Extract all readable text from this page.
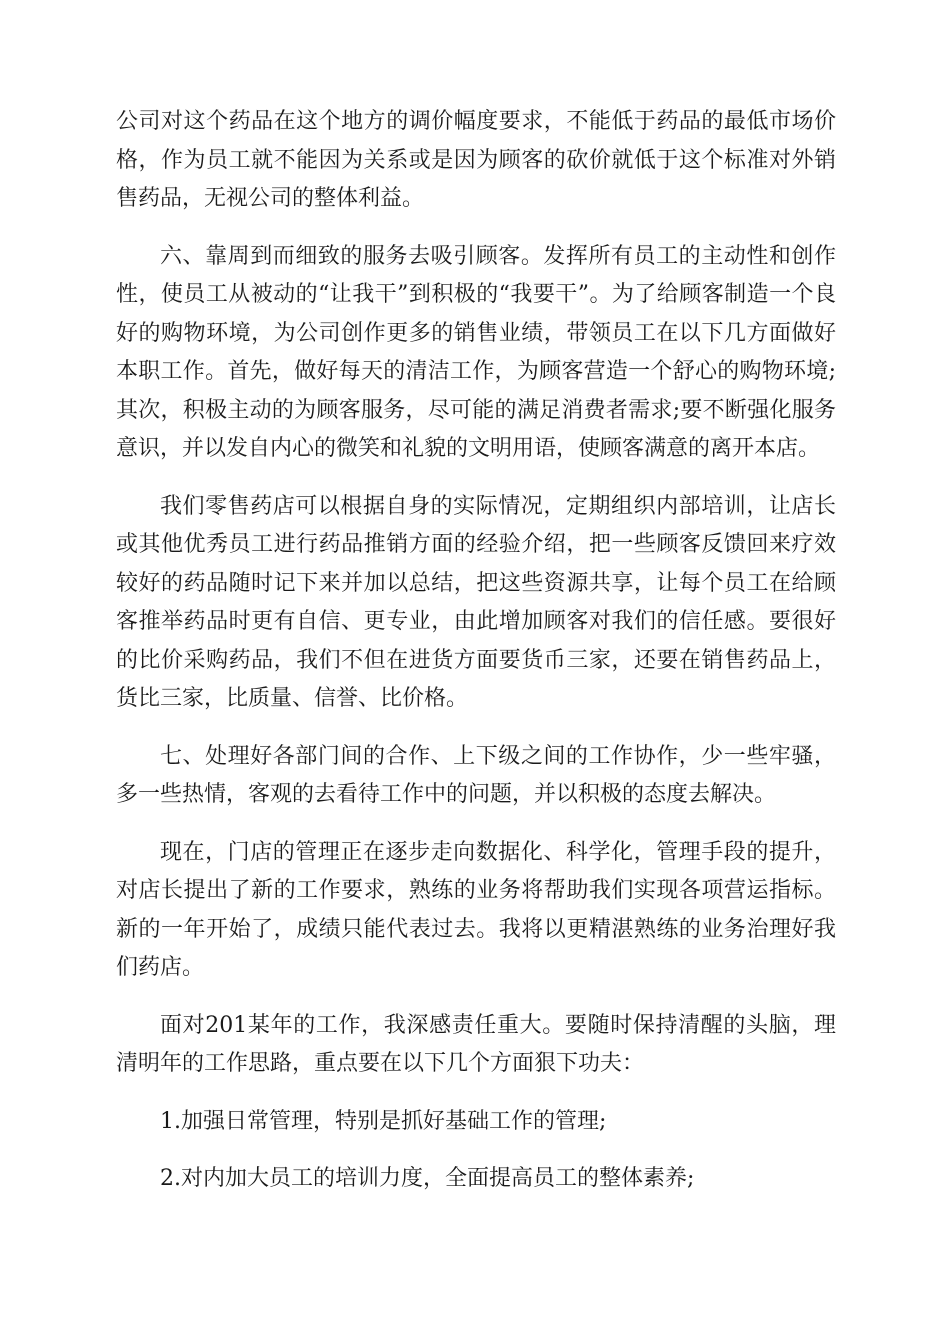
公司对这个药品在这个地方的调价幅度要求，不能低于药品的最低市场价格，作为员工就不能因为关系或是因为顾客的砍价就低于这个标准对外销售药品，无视公司的整体利益。

六、靠周到而细致的服务去吸引顾客。发挥所有员工的主动性和创作性，使员工从被动的“让我干”到积极的“我要干”。为了给顾客制造一个良好的购物环境，为公司创作更多的销售业绩，带领员工在以下几方面做好本职工作。首先，做好每天的清洁工作，为顾客营造一个舒心的购物环境;其次，积极主动的为顾客服务，尽可能的满足消费者需求;要不断强化服务意识，并以发自内心的微笑和礼貌的文明用语，使顾客满意的离开本店。

我们零售药店可以根据自身的实际情况，定期组织内部培训，让店长或其他优秀员工进行药品推销方面的经验介绍，把一些顾客反馈回来疗效较好的药品随时记下来并加以总结，把这些资源共享，让每个员工在给顾客推举药品时更有自信、更专业，由此增加顾客对我们的信任感。要很好的比价采购药品，我们不但在进货方面要货币三家，还要在销售药品上，货比三家，比质量、信誉、比价格。

七、处理好各部门间的合作、上下级之间的工作协作，少一些牢骚，多一些热情，客观的去看待工作中的问题，并以积极的态度去解决。

现在，门店的管理正在逐步走向数据化、科学化，管理手段的提升，对店长提出了新的工作要求，熟练的业务将帮助我们实现各项营运指标。新的一年开始了，成绩只能代表过去。我将以更精湛熟练的业务治理好我们药店。

面对201某年的工作，我深感责任重大。要随时保持清醒的头脑，理清明年的工作思路，重点要在以下几个方面狠下功夫：

1.加强日常管理，特别是抓好基础工作的管理;

2.对内加大员工的培训力度，全面提高员工的整体素养;
